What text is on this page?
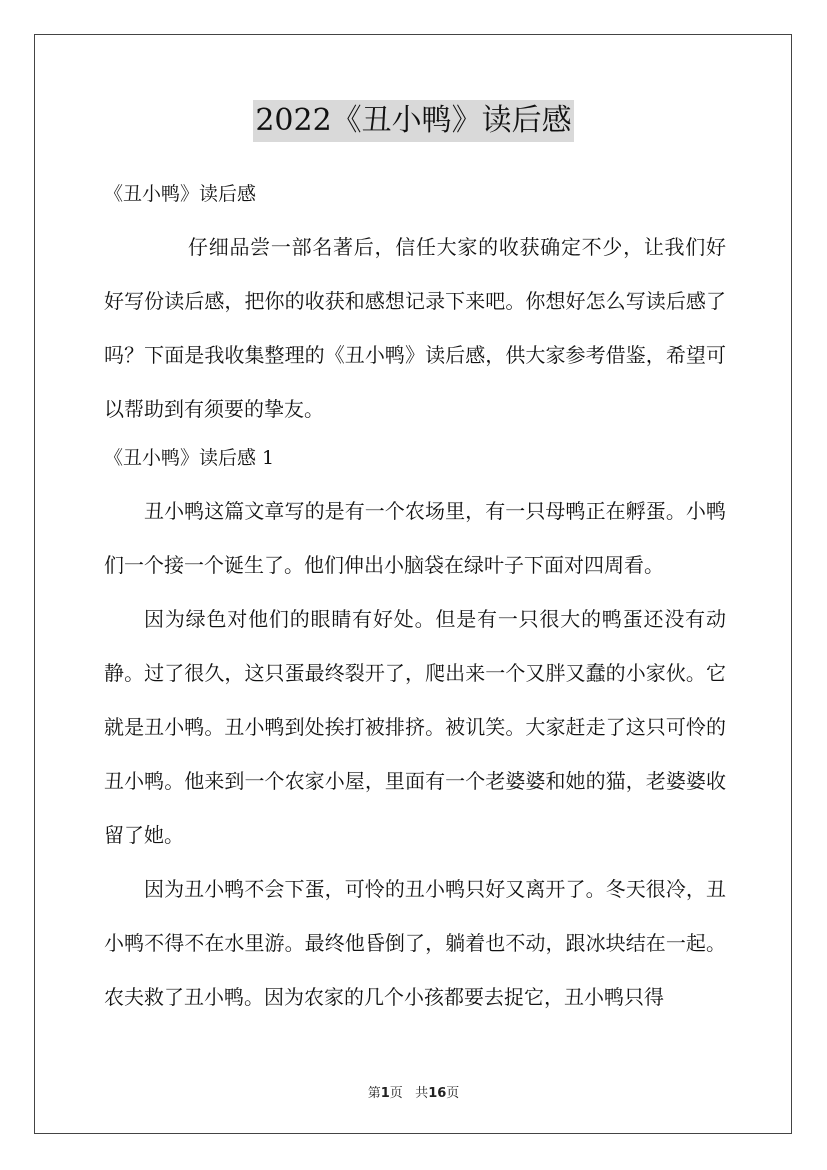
2022《丑小鸭》读后感

《丑小鸭》读后感

仔细品尝一部名著后，信任大家的收获确定不少，让我们好好写份读后感，把你的收获和感想记录下来吧。你想好怎么写读后感了吗？下面是我收集整理的《丑小鸭》读后感，供大家参考借鉴，希望可以帮助到有须要的挚友。

《丑小鸭》读后感 1

丑小鸭这篇文章写的是有一个农场里，有一只母鸭正在孵蛋。小鸭们一个接一个诞生了。他们伸出小脑袋在绿叶子下面对四周看。

因为绿色对他们的眼睛有好处。但是有一只很大的鸭蛋还没有动静。过了很久，这只蛋最终裂开了，爬出来一个又胖又蠢的小家伙。它就是丑小鸭。丑小鸭到处挨打被排挤。被讥笑。大家赶走了这只可怜的丑小鸭。他来到一个农家小屋，里面有一个老婆婆和她的猫，老婆婆收留了她。

因为丑小鸭不会下蛋，可怜的丑小鸭只好又离开了。冬天很冷，丑小鸭不得不在水里游。最终他昏倒了，躺着也不动，跟冰块结在一起。农夫救了丑小鸭。因为农家的几个小孩都要去捉它，丑小鸭只得

第1页 共16页
